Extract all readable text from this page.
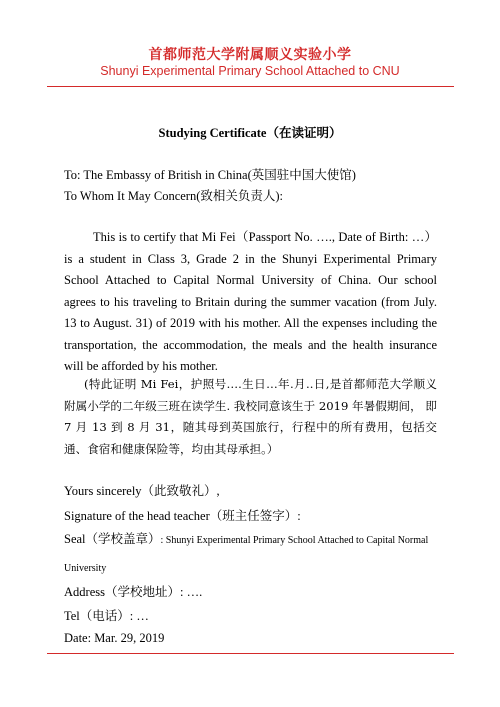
首都师范大学附属顺义实验小学
Shunyi Experimental Primary School Attached to CNU
Studying Certificate（在读证明）
To: The Embassy of British in China(英国驻中国大使馆)
To Whom It May Concern(致相关负责人):

This is to certify that Mi Fei（Passport No. …., Date of Birth: …）is a student in Class 3, Grade 2 in the Shunyi Experimental Primary School Attached to Capital Normal University of China. Our school agrees to his traveling to Britain during the summer vacation (from July. 13 to August. 31) of 2019 with his mother. All the expenses including the transportation, the accommodation, the meals and the health insurance will be afforded by his mother.

(特此证明 Mi Fei，护照号….生日…年.月..日,是首都师范大学顺义附属小学的二年级三班在读学生. 我校同意该生于 2019 年暑假期间， 即 7 月 13 到 8 月 31，随其母到英国旅行，行程中的所有费用，包括交通、食宿和健康保险等，均由其母承担。）

Yours sincerely（此致敬礼）,
Signature of the head teacher（班主任签字）:

Seal（学校盖章）: Shunyi Experimental Primary School Attached to Capital Normal University

Address（学校地址）: ….
Tel（电话）: …
Date: Mar. 29, 2019
